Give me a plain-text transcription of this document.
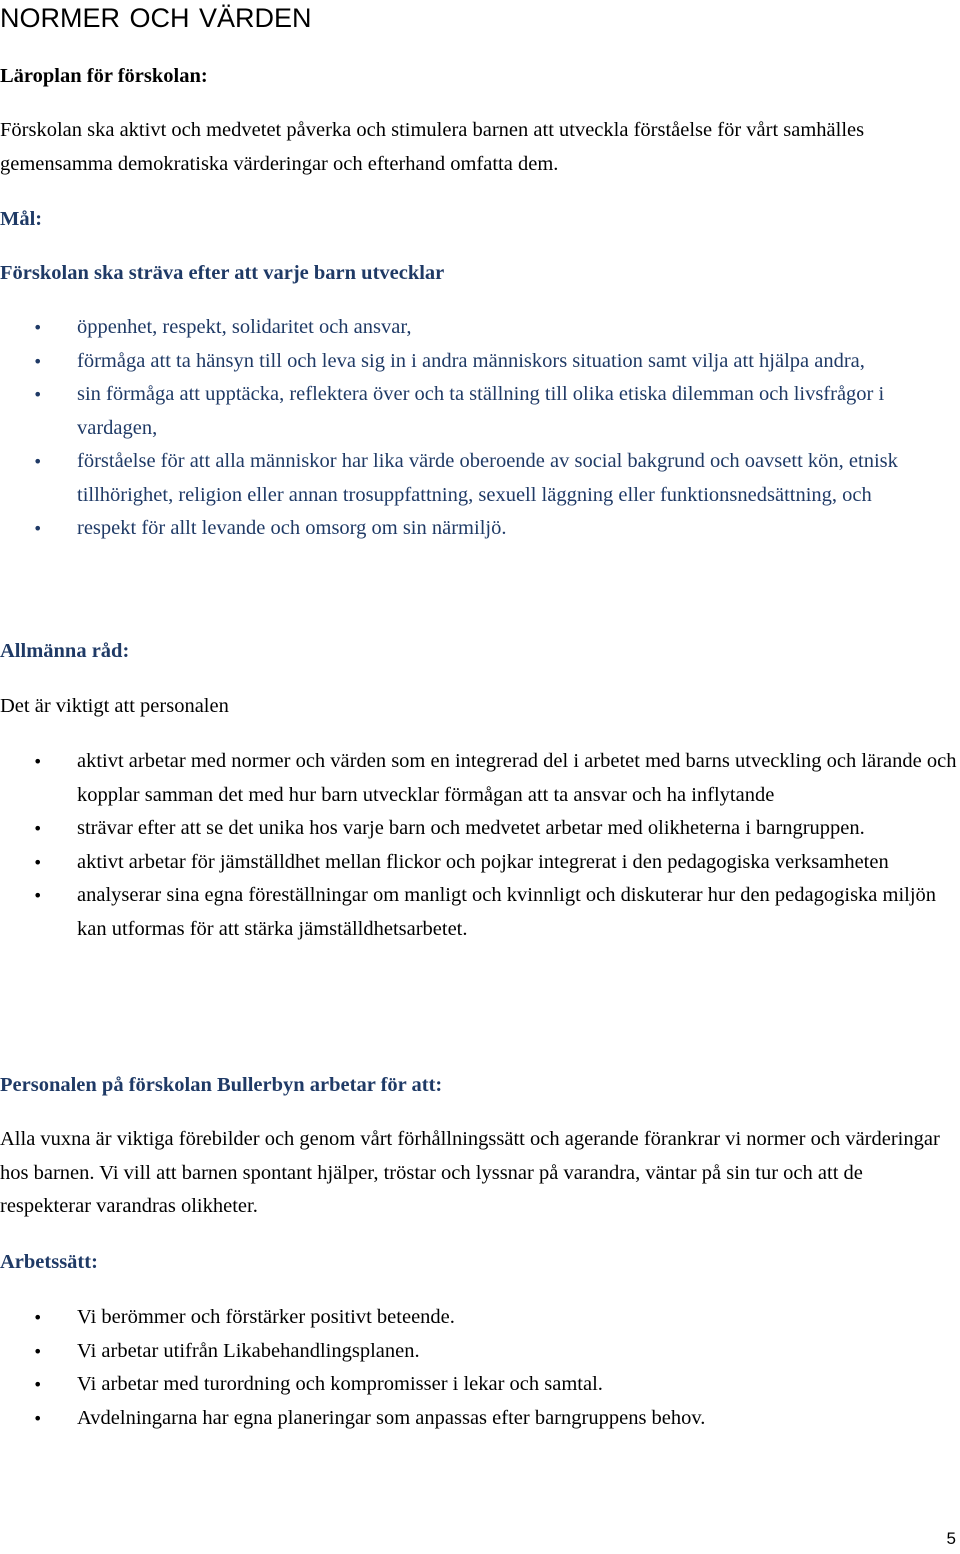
NORMER OCH VÄRDEN
Läroplan för förskolan:

Förskolan ska aktivt och medvetet påverka och stimulera barnen att utveckla förståelse för vårt samhälles gemensamma demokratiska värderingar och efterhand omfatta dem.

Mål:
Förskolan ska sträva efter att varje barn utvecklar
• öppenhet, respekt, solidaritet och ansvar,
• förmåga att ta hänsyn till och leva sig in i andra människors situation samt vilja att hjälpa andra,
• sin förmåga att upptäcka, reflektera över och ta ställning till olika etiska dilemman och livsfrågor i vardagen,
• förståelse för att alla människor har lika värde oberoende av social bakgrund och oavsett kön, etnisk tillhörighet, religion eller annan trosuppfattning, sexuell läggning eller funktionsnedsättning, och
• respekt för allt levande och omsorg om sin närmiljö.
Allmänna råd:

Det är viktigt att personalen

• aktivt arbetar med normer och värden som en integrerad del i arbetet med barns utveckling och lärande och kopplar samman det med hur barn utvecklar förmågan att ta ansvar och ha inflytande
• strävar efter att se det unika hos varje barn och medvetet arbetar med olikheterna i barngruppen.
• aktivt arbetar för jämställdhet mellan flickor och pojkar integrerat i den pedagogiska verksamheten
• analyserar sina egna föreställningar om manligt och kvinnligt och diskuterar hur den pedagogiska miljön kan utformas för att stärka jämställdhetsarbetet.
Personalen på förskolan Bullerbyn arbetar för att:

Alla vuxna är viktiga förebilder och genom vårt förhållningssätt och agerande förankrar vi normer och värderingar hos barnen. Vi vill att barnen spontant hjälper, tröstar och lyssnar på varandra, väntar på sin tur och att de respekterar varandras olikheter.

Arbetssätt:
• Vi berömmer och förstärker positivt beteende.
• Vi arbetar utifrån Likabehandlingsplanen.
• Vi arbetar med turordning och kompromisser i lekar och samtal.
• Avdelningarna har egna planeringar som anpassas efter barngruppens behov.
5
